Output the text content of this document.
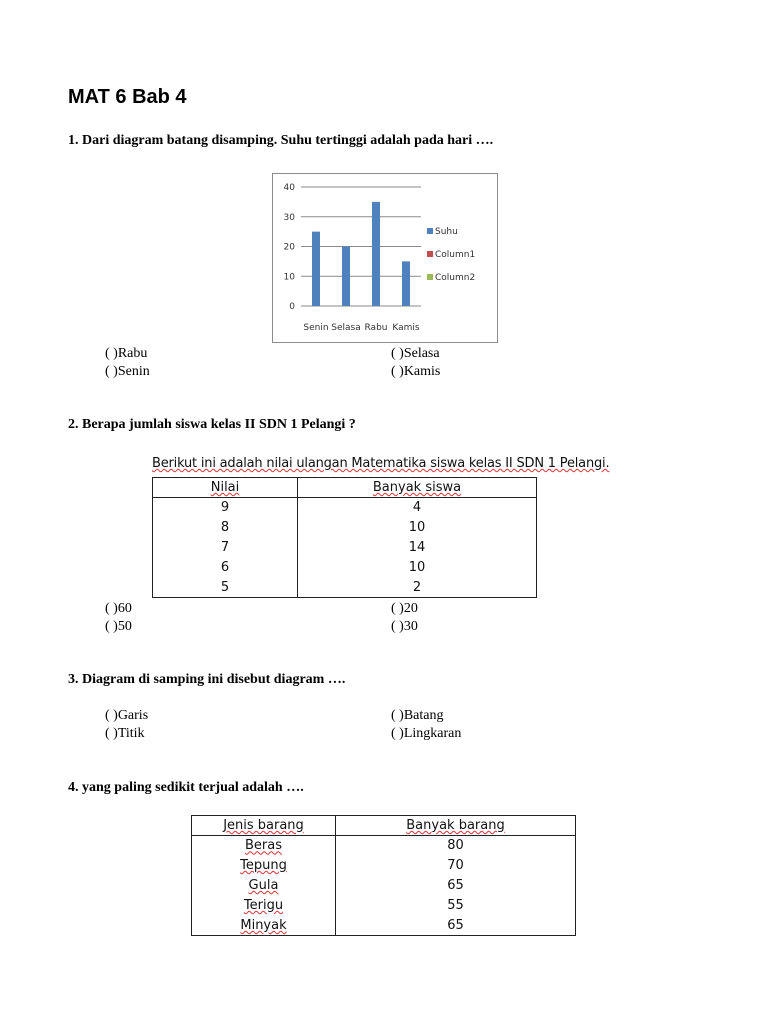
MAT 6 Bab 4
1. Dari diagram batang disamping. Suhu tertinggi adalah pada hari ….
0
10
20
30
40
Senin Selasa Rabu Kamis
Suhu
Column1
Column2
( )Rabu	( )Selasa
( )Senin	( )Kamis
2. Berapa jumlah siswa kelas II SDN 1 Pelangi ?
Berikut ini adalah nilai ulangan Matematika siswa kelas II SDN 1 Pelangi.
Nilai	Banyak siswa
9	4
8	10
7	14
6	10
5	2
( )60	( )20
( )50	( )30
3. Diagram di samping ini disebut diagram ….
( )Garis	( )Batang
( )Titik	( )Lingkaran
4. yang paling sedikit terjual adalah ….
Jenis barang	Banyak barang
Beras	80
Tepung	70
Gula	65
Terigu	55
Minyak	65
